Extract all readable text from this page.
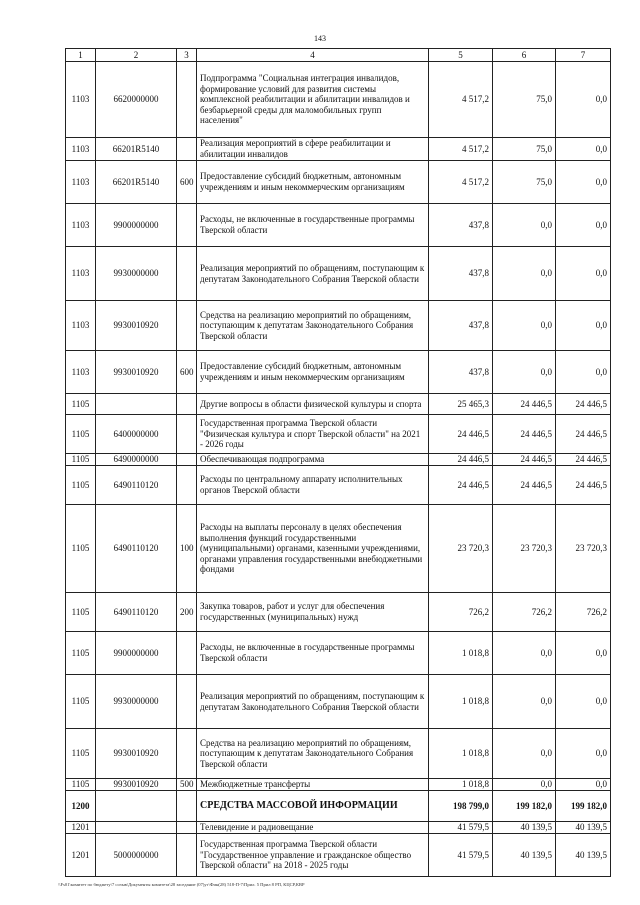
143
1	2	3	4	5	6	7
1103	6620000000		Подпрограмма "Социальная интеграция инвалидов, формирование условий для развития системы комплексной реабилитации и абилитации инвалидов и безбарьерной среды для маломобильных групп населения"	4 517,2	75,0	0,0
1103	66201R5140		Реализация мероприятий в сфере реабилитации и абилитации инвалидов	4 517,2	75,0	0,0
1103	66201R5140	600	Предоставление субсидий бюджетным, автономным учреждениям и иным некоммерческим организациям	4 517,2	75,0	0,0
1103	9900000000		Расходы, не включенные в государственные программы Тверской области	437,8	0,0	0,0
1103	9930000000		Реализация мероприятий по обращениям, поступающим к депутатам Законодательного Собрания Тверской области	437,8	0,0	0,0
1103	9930010920		Средства на реализацию мероприятий по обращениям, поступающим к депутатам Законодательного Собрания Тверской области	437,8	0,0	0,0
1103	9930010920	600	Предоставление субсидий бюджетным, автономным учреждениям и иным некоммерческим организациям	437,8	0,0	0,0
1105			Другие вопросы в области физической культуры и спорта	25 465,3	24 446,5	24 446,5
1105	6400000000		Государственная программа Тверской области "Физическая культура и спорт Тверской области" на 2021 - 2026 годы	24 446,5	24 446,5	24 446,5
1105	6490000000		Обеспечивающая подпрограмма	24 446,5	24 446,5	24 446,5
1105	6490110120		Расходы по центральному аппарату исполнительных органов Тверской области	24 446,5	24 446,5	24 446,5
1105	6490110120	100	Расходы на выплаты персоналу в целях обеспечения выполнения функций государственными (муниципальными) органами, казенными учреждениями, органами управления государственными внебюджетными фондами	23 720,3	23 720,3	23 720,3
1105	6490110120	200	Закупка товаров, работ и услуг для обеспечения государственных (муниципальных) нужд	726,2	726,2	726,2
1105	9900000000		Расходы, не включенные в государственные программы Тверской области	1 018,8	0,0	0,0
1105	9930000000		Реализация мероприятий по обращениям, поступающим к депутатам Законодательного Собрания Тверской области	1 018,8	0,0	0,0
1105	9930010920		Средства на реализацию мероприятий по обращениям, поступающим к депутатам Законодательного Собрания Тверской области	1 018,8	0,0	0,0
1105	9930010920	500	Межбюджетные трансферты	1 018,8	0,0	0,0
1200			СРЕДСТВА МАССОВОЙ ИНФОРМАЦИИ	198 799,0	199 182,0	199 182,0
1201			Телевидение и радиовещание	41 579,5	40 139,5	40 139,5
1201	5000000000		Государственная программа Тверской области "Государственное управление и гражданское общество Тверской области" на 2018 - 2025 годы	41 579,5	40 139,5	40 139,5
\\Fs01\комитет по бюджету\7 созыв\Документы комитета\28 заседание (07)уг\Фин(28) 518-П-7\Прил. 5 Прил 8 РП, КЦСР,КВР
